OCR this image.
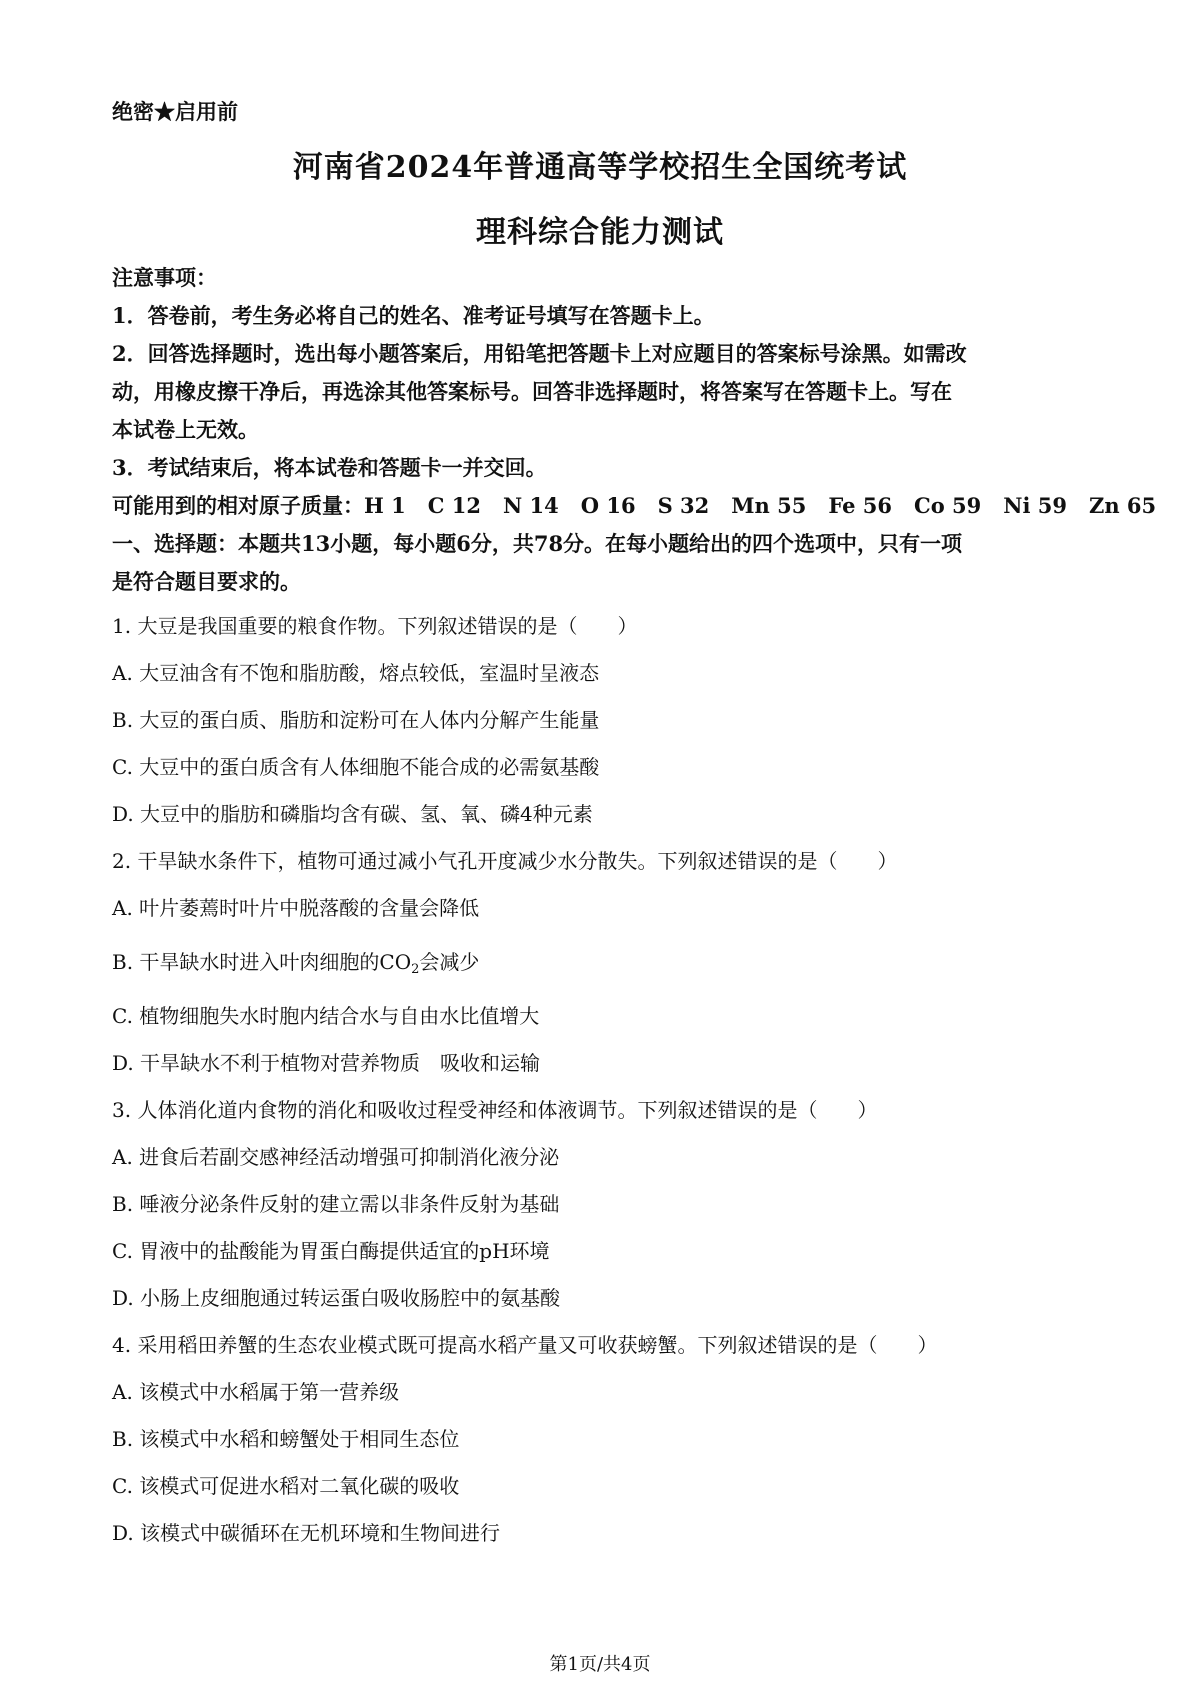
绝密★启用前
河南省2024年普通高等学校招生全国统考试
理科综合能力测试
注意事项：
1．答卷前，考生务必将自己的姓名、准考证号填写在答题卡上。
2．回答选择题时，选出每小题答案后，用铅笔把答题卡上对应题目的答案标号涂黑。如需改
动，用橡皮擦干净后，再选涂其他答案标号。回答非选择题时，将答案写在答题卡上。写在
本试卷上无效。
3．考试结束后，将本试卷和答题卡一并交回。
可能用到的相对原子质量：H 1 C 12 N 14 O 16 S 32 Mn 55 Fe 56 Co 59 Ni 59 Zn 65
一、选择题：本题共13小题，每小题6分，共78分。在每小题给出的四个选项中，只有一项
是符合题目要求的。
1. 大豆是我国重要的粮食作物。下列叙述错误的是（　　）
A. 大豆油含有不饱和脂肪酸，熔点较低，室温时呈液态
B. 大豆的蛋白质、脂肪和淀粉可在人体内分解产生能量
C. 大豆中的蛋白质含有人体细胞不能合成的必需氨基酸
D. 大豆中的脂肪和磷脂均含有碳、氢、氧、磷4种元素
2. 干旱缺水条件下，植物可通过减小气孔开度减少水分散失。下列叙述错误的是（　　）
A. 叶片萎蔫时叶片中脱落酸的含量会降低
B. 干旱缺水时进入叶肉细胞的$CO_2$会减少
C. 植物细胞失水时胞内结合水与自由水比值增大
D. 干旱缺水不利于植物对营养物质　吸收和运输
3. 人体消化道内食物的消化和吸收过程受神经和体液调节。下列叙述错误的是（　　）
A. 进食后若副交感神经活动增强可抑制消化液分泌
B. 唾液分泌条件反射的建立需以非条件反射为基础
C. 胃液中的盐酸能为胃蛋白酶提供适宜的pH环境
D. 小肠上皮细胞通过转运蛋白吸收肠腔中的氨基酸
4. 采用稻田养蟹的生态农业模式既可提高水稻产量又可收获螃蟹。下列叙述错误的是（　　）
A. 该模式中水稻属于第一营养级
B. 该模式中水稻和螃蟹处于相同生态位
C. 该模式可促进水稻对二氧化碳的吸收
D. 该模式中碳循环在无机环境和生物间进行
第1页/共4页
